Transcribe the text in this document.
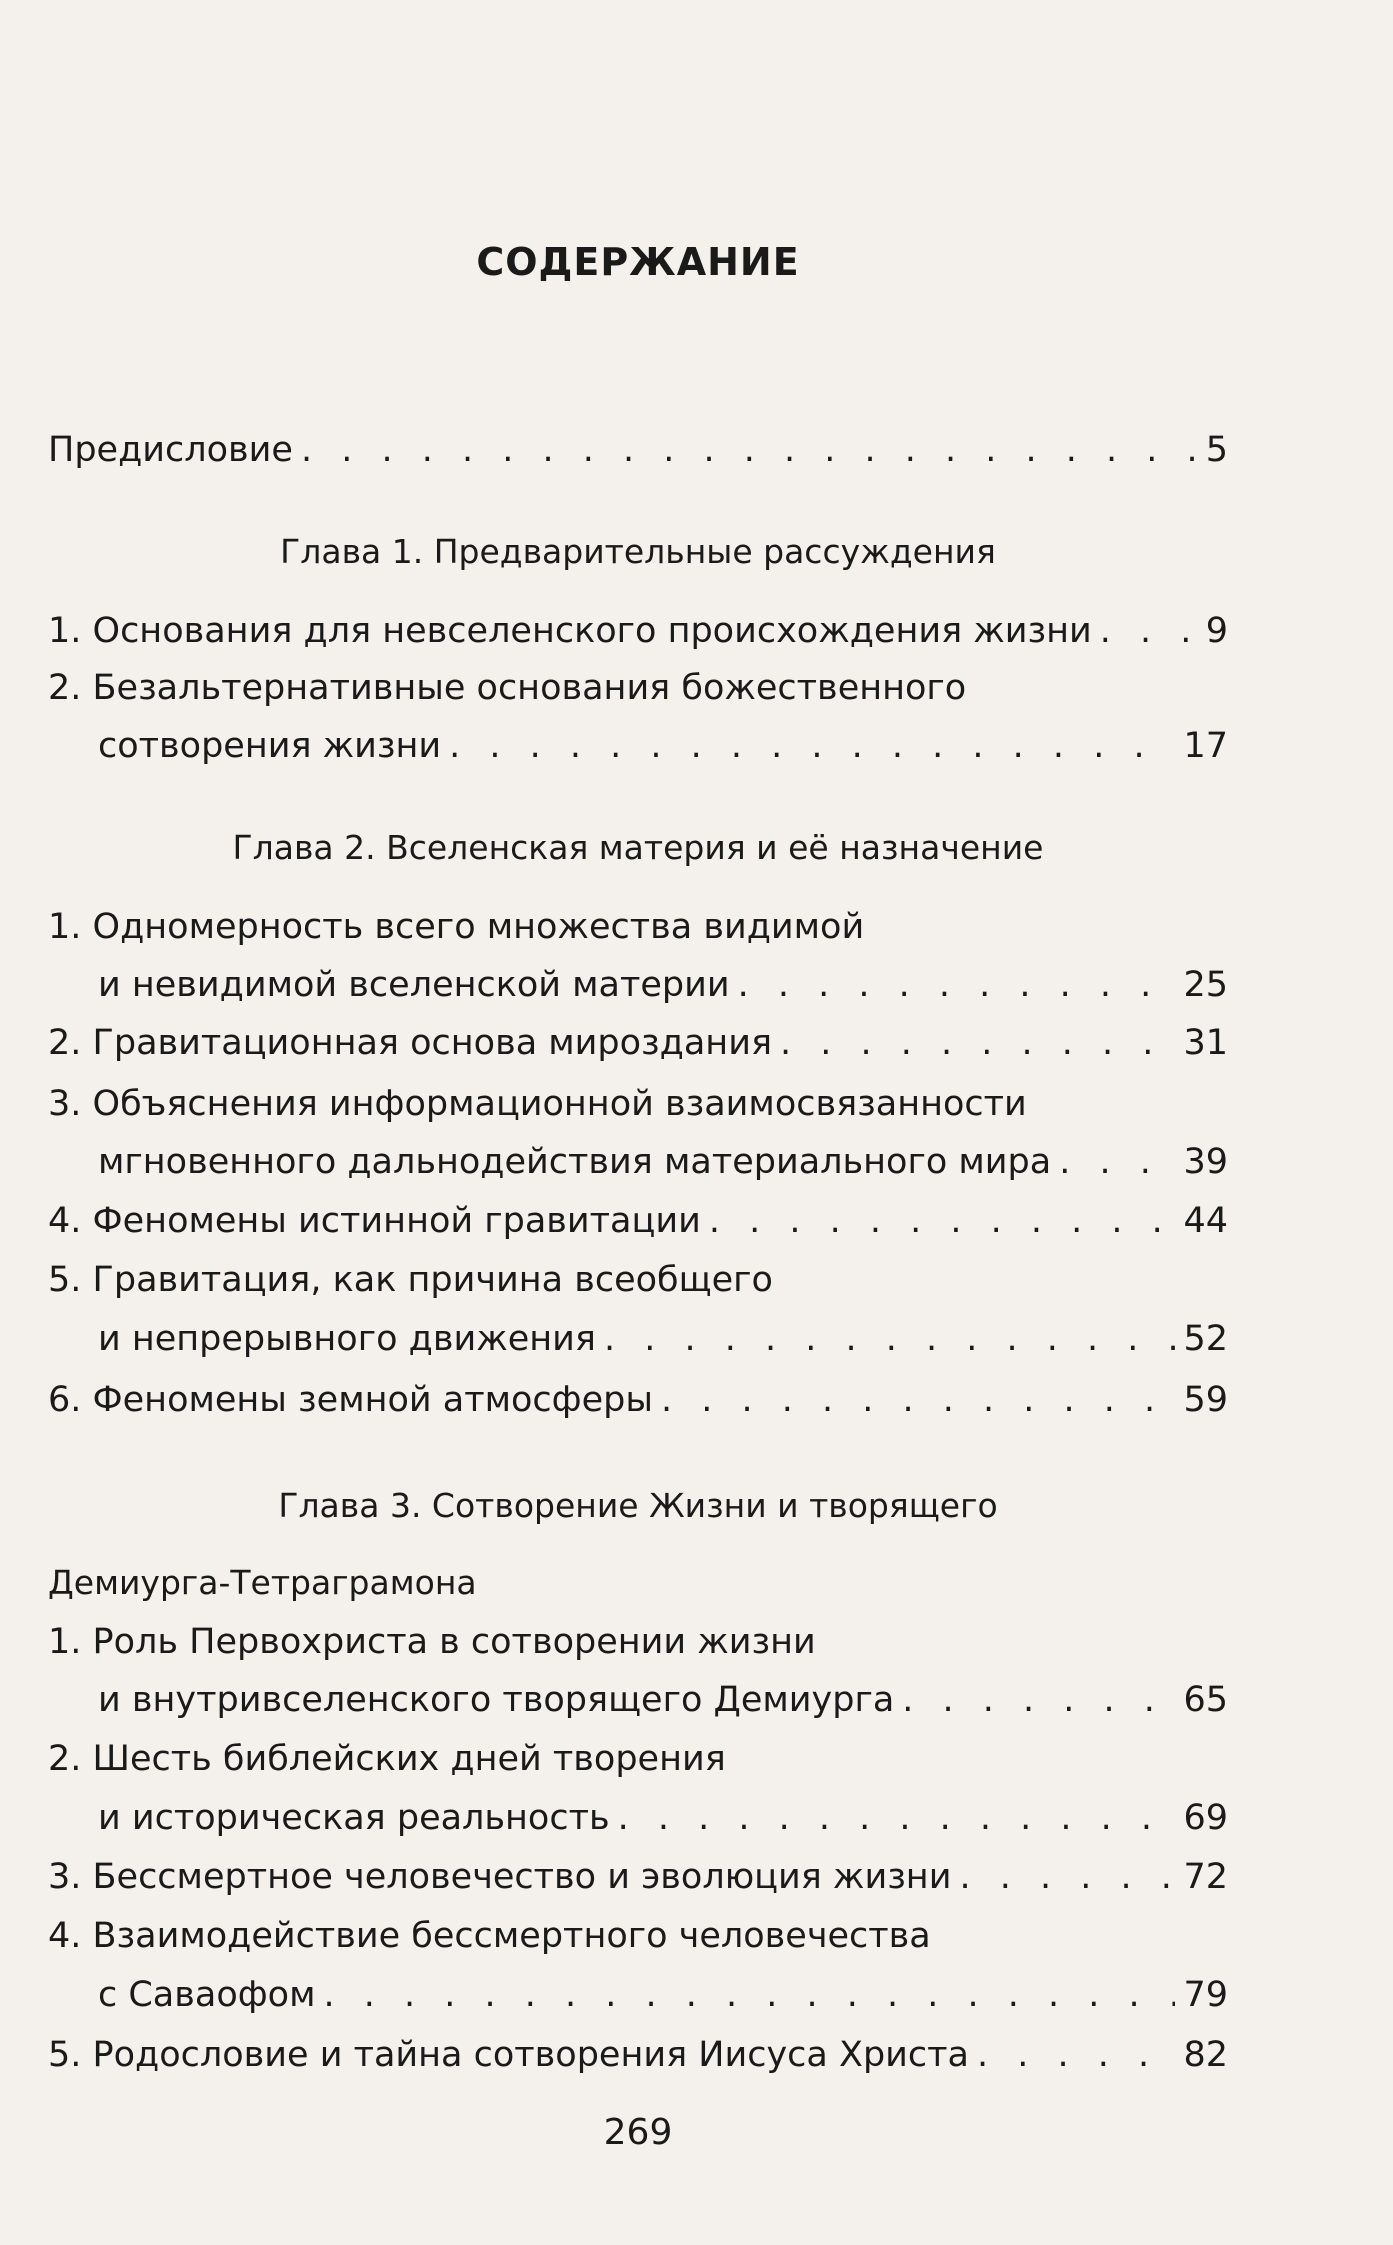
СОДЕРЖАНИЕ
Предисловие . . .	5
Глава 1. Предварительные рассуждения
1. Основания для невселенского происхождения жизни . . .	9
2. Безальтернативные основания божественного
сотворения жизни . . .	17
Глава 2. Вселенская материя и её назначение
1. Одномерность всего множества видимой
и невидимой вселенской материи . . .	25
2. Гравитационная основа мироздания . . .	31
3. Объяснения информационной взаимосвязанности
мгновенного дальнодействия материального мира . . .	39
4. Феномены истинной гравитации . . .	44
5. Гравитация, как причина всеобщего
и непрерывного движения . . .	52
6. Феномены земной атмосферы . . .	59
Глава 3. Сотворение Жизни и творящего
Демиурга-Тетраграмона
1. Роль Первохриста в сотворении жизни
и внутривселенского творящего Демиурга . . .	65
2. Шесть библейских дней творения
и историческая реальность . . .	69
3. Бессмертное человечество и эволюция жизни . . .	72
4. Взаимодействие бессмертного человечества
с Саваофом . . .	79
5. Родословие и тайна сотворения Иисуса Христа . . .	82
269
